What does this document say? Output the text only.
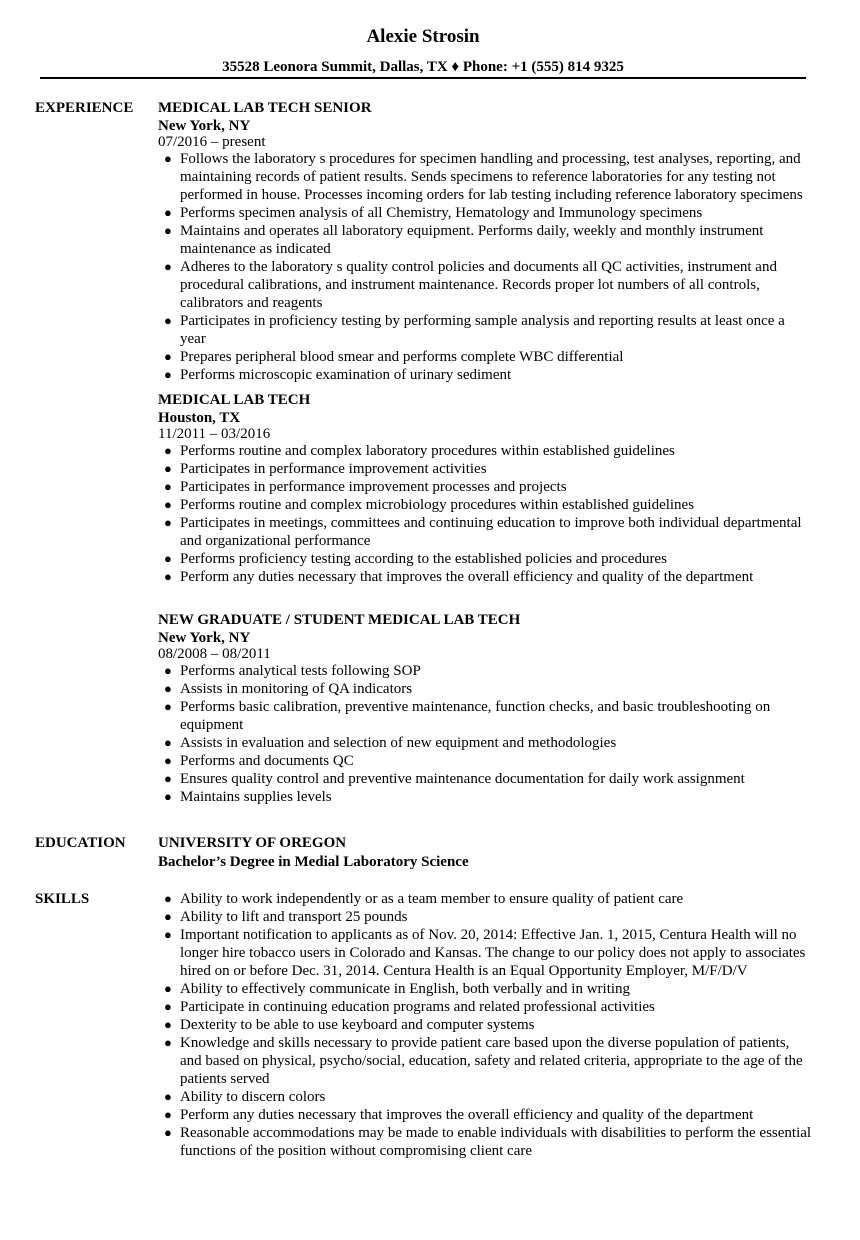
Alexie Strosin
35528 Leonora Summit, Dallas, TX ♦ Phone: +1 (555) 814 9325
EXPERIENCE MEDICAL LAB TECH SENIOR
New York, NY
07/2016 – present
● Follows the laboratory s procedures for specimen handling and processing, test analyses, reporting, and maintaining records of patient results. Sends specimens to reference laboratories for any testing not performed in house. Processes incoming orders for lab testing including reference laboratory specimens
● Performs specimen analysis of all Chemistry, Hematology and Immunology specimens
● Maintains and operates all laboratory equipment. Performs daily, weekly and monthly instrument maintenance as indicated
● Adheres to the laboratory s quality control policies and documents all QC activities, instrument and procedural calibrations, and instrument maintenance. Records proper lot numbers of all controls, calibrators and reagents
● Participates in proficiency testing by performing sample analysis and reporting results at least once a year
● Prepares peripheral blood smear and performs complete WBC differential
● Performs microscopic examination of urinary sediment
MEDICAL LAB TECH
Houston, TX
11/2011 – 03/2016
● Performs routine and complex laboratory procedures within established guidelines
● Participates in performance improvement activities
● Participates in performance improvement processes and projects
● Performs routine and complex microbiology procedures within established guidelines
● Participates in meetings, committees and continuing education to improve both individual departmental and organizational performance
● Performs proficiency testing according to the established policies and procedures
● Perform any duties necessary that improves the overall efficiency and quality of the department
NEW GRADUATE / STUDENT MEDICAL LAB TECH
New York, NY
08/2008 – 08/2011
● Performs analytical tests following SOP
● Assists in monitoring of QA indicators
● Performs basic calibration, preventive maintenance, function checks, and basic troubleshooting on equipment
● Assists in evaluation and selection of new equipment and methodologies
● Performs and documents QC
● Ensures quality control and preventive maintenance documentation for daily work assignment
● Maintains supplies levels
EDUCATION UNIVERSITY OF OREGON
Bachelor’s Degree in Medial Laboratory Science
SKILLS	● Ability to work independently or as a team member to ensure quality of patient care
● Ability to lift and transport 25 pounds
● Important notification to applicants as of Nov. 20, 2014: Effective Jan. 1, 2015, Centura Health will no longer hire tobacco users in Colorado and Kansas. The change to our policy does not apply to associates hired on or before Dec. 31, 2014. Centura Health is an Equal Opportunity Employer, M/F/D/V
● Ability to effectively communicate in English, both verbally and in writing
● Participate in continuing education programs and related professional activities
● Dexterity to be able to use keyboard and computer systems
● Knowledge and skills necessary to provide patient care based upon the diverse population of patients, and based on physical, psycho/social, education, safety and related criteria, appropriate to the age of the patients served
● Ability to discern colors
● Perform any duties necessary that improves the overall efficiency and quality of the department
● Reasonable accommodations may be made to enable individuals with disabilities to perform the essential functions of the position without compromising client care
